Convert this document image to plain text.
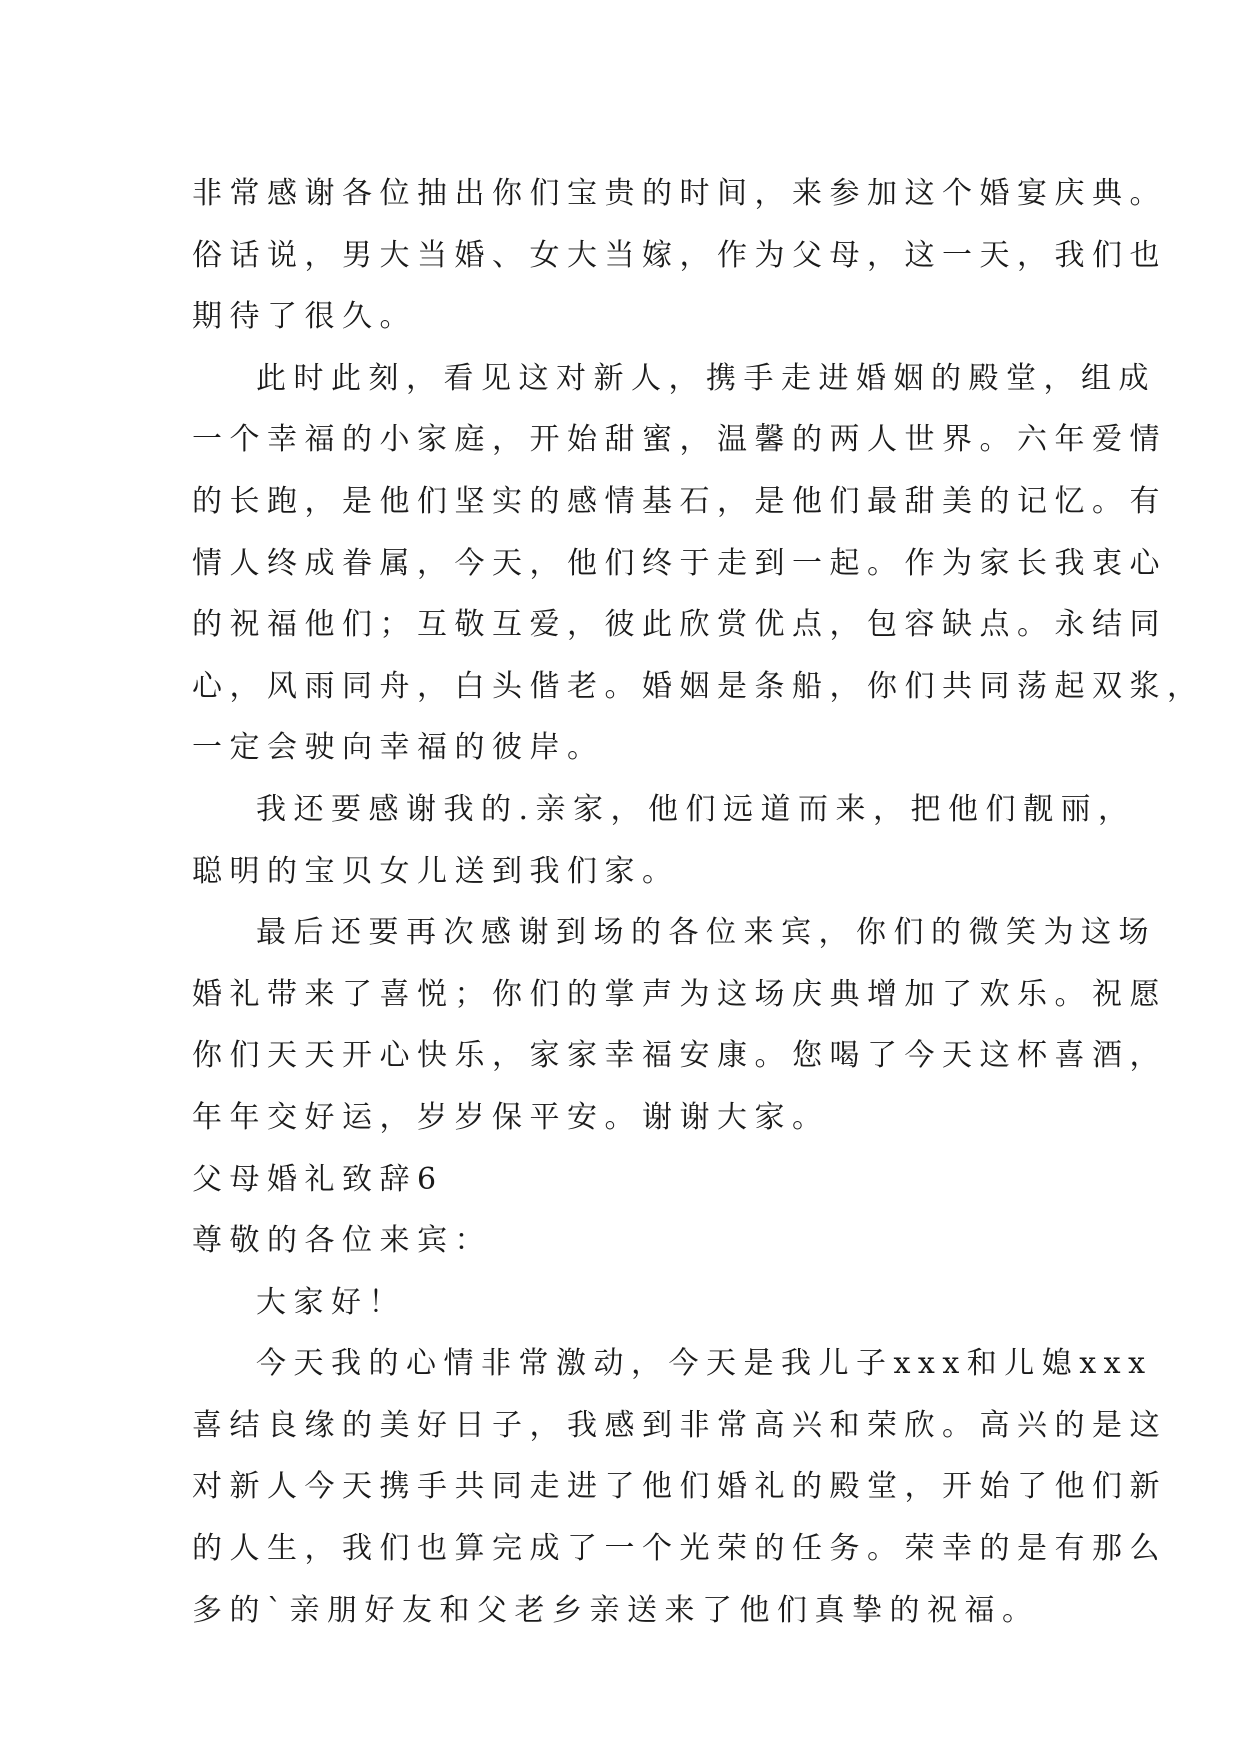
非常感谢各位抽出你们宝贵的时间，来参加这个婚宴庆典。
俗话说，男大当婚、女大当嫁，作为父母，这一天，我们也
期待了很久。
此时此刻，看见这对新人，携手走进婚姻的殿堂，组成
一个幸福的小家庭，开始甜蜜，温馨的两人世界。六年爱情
的长跑，是他们坚实的感情基石，是他们最甜美的记忆。有
情人终成眷属，今天，他们终于走到一起。作为家长我衷心
的祝福他们；互敬互爱，彼此欣赏优点，包容缺点。永结同
心，风雨同舟，白头偕老。婚姻是条船，你们共同荡起双浆，
一定会驶向幸福的彼岸。
我还要感谢我的.亲家，他们远道而来，把他们靓丽，
聪明的宝贝女儿送到我们家。
最后还要再次感谢到场的各位来宾，你们的微笑为这场
婚礼带来了喜悦；你们的掌声为这场庆典增加了欢乐。祝愿
你们天天开心快乐，家家幸福安康。您喝了今天这杯喜酒，
年年交好运，岁岁保平安。谢谢大家。
父母婚礼致辞6
尊敬的各位来宾：
大家好！
今天我的心情非常激动，今天是我儿子xxx和儿媳xxx
喜结良缘的美好日子，我感到非常高兴和荣欣。高兴的是这
对新人今天携手共同走进了他们婚礼的殿堂，开始了他们新
的人生，我们也算完成了一个光荣的任务。荣幸的是有那么
多的`亲朋好友和父老乡亲送来了他们真挚的祝福。
